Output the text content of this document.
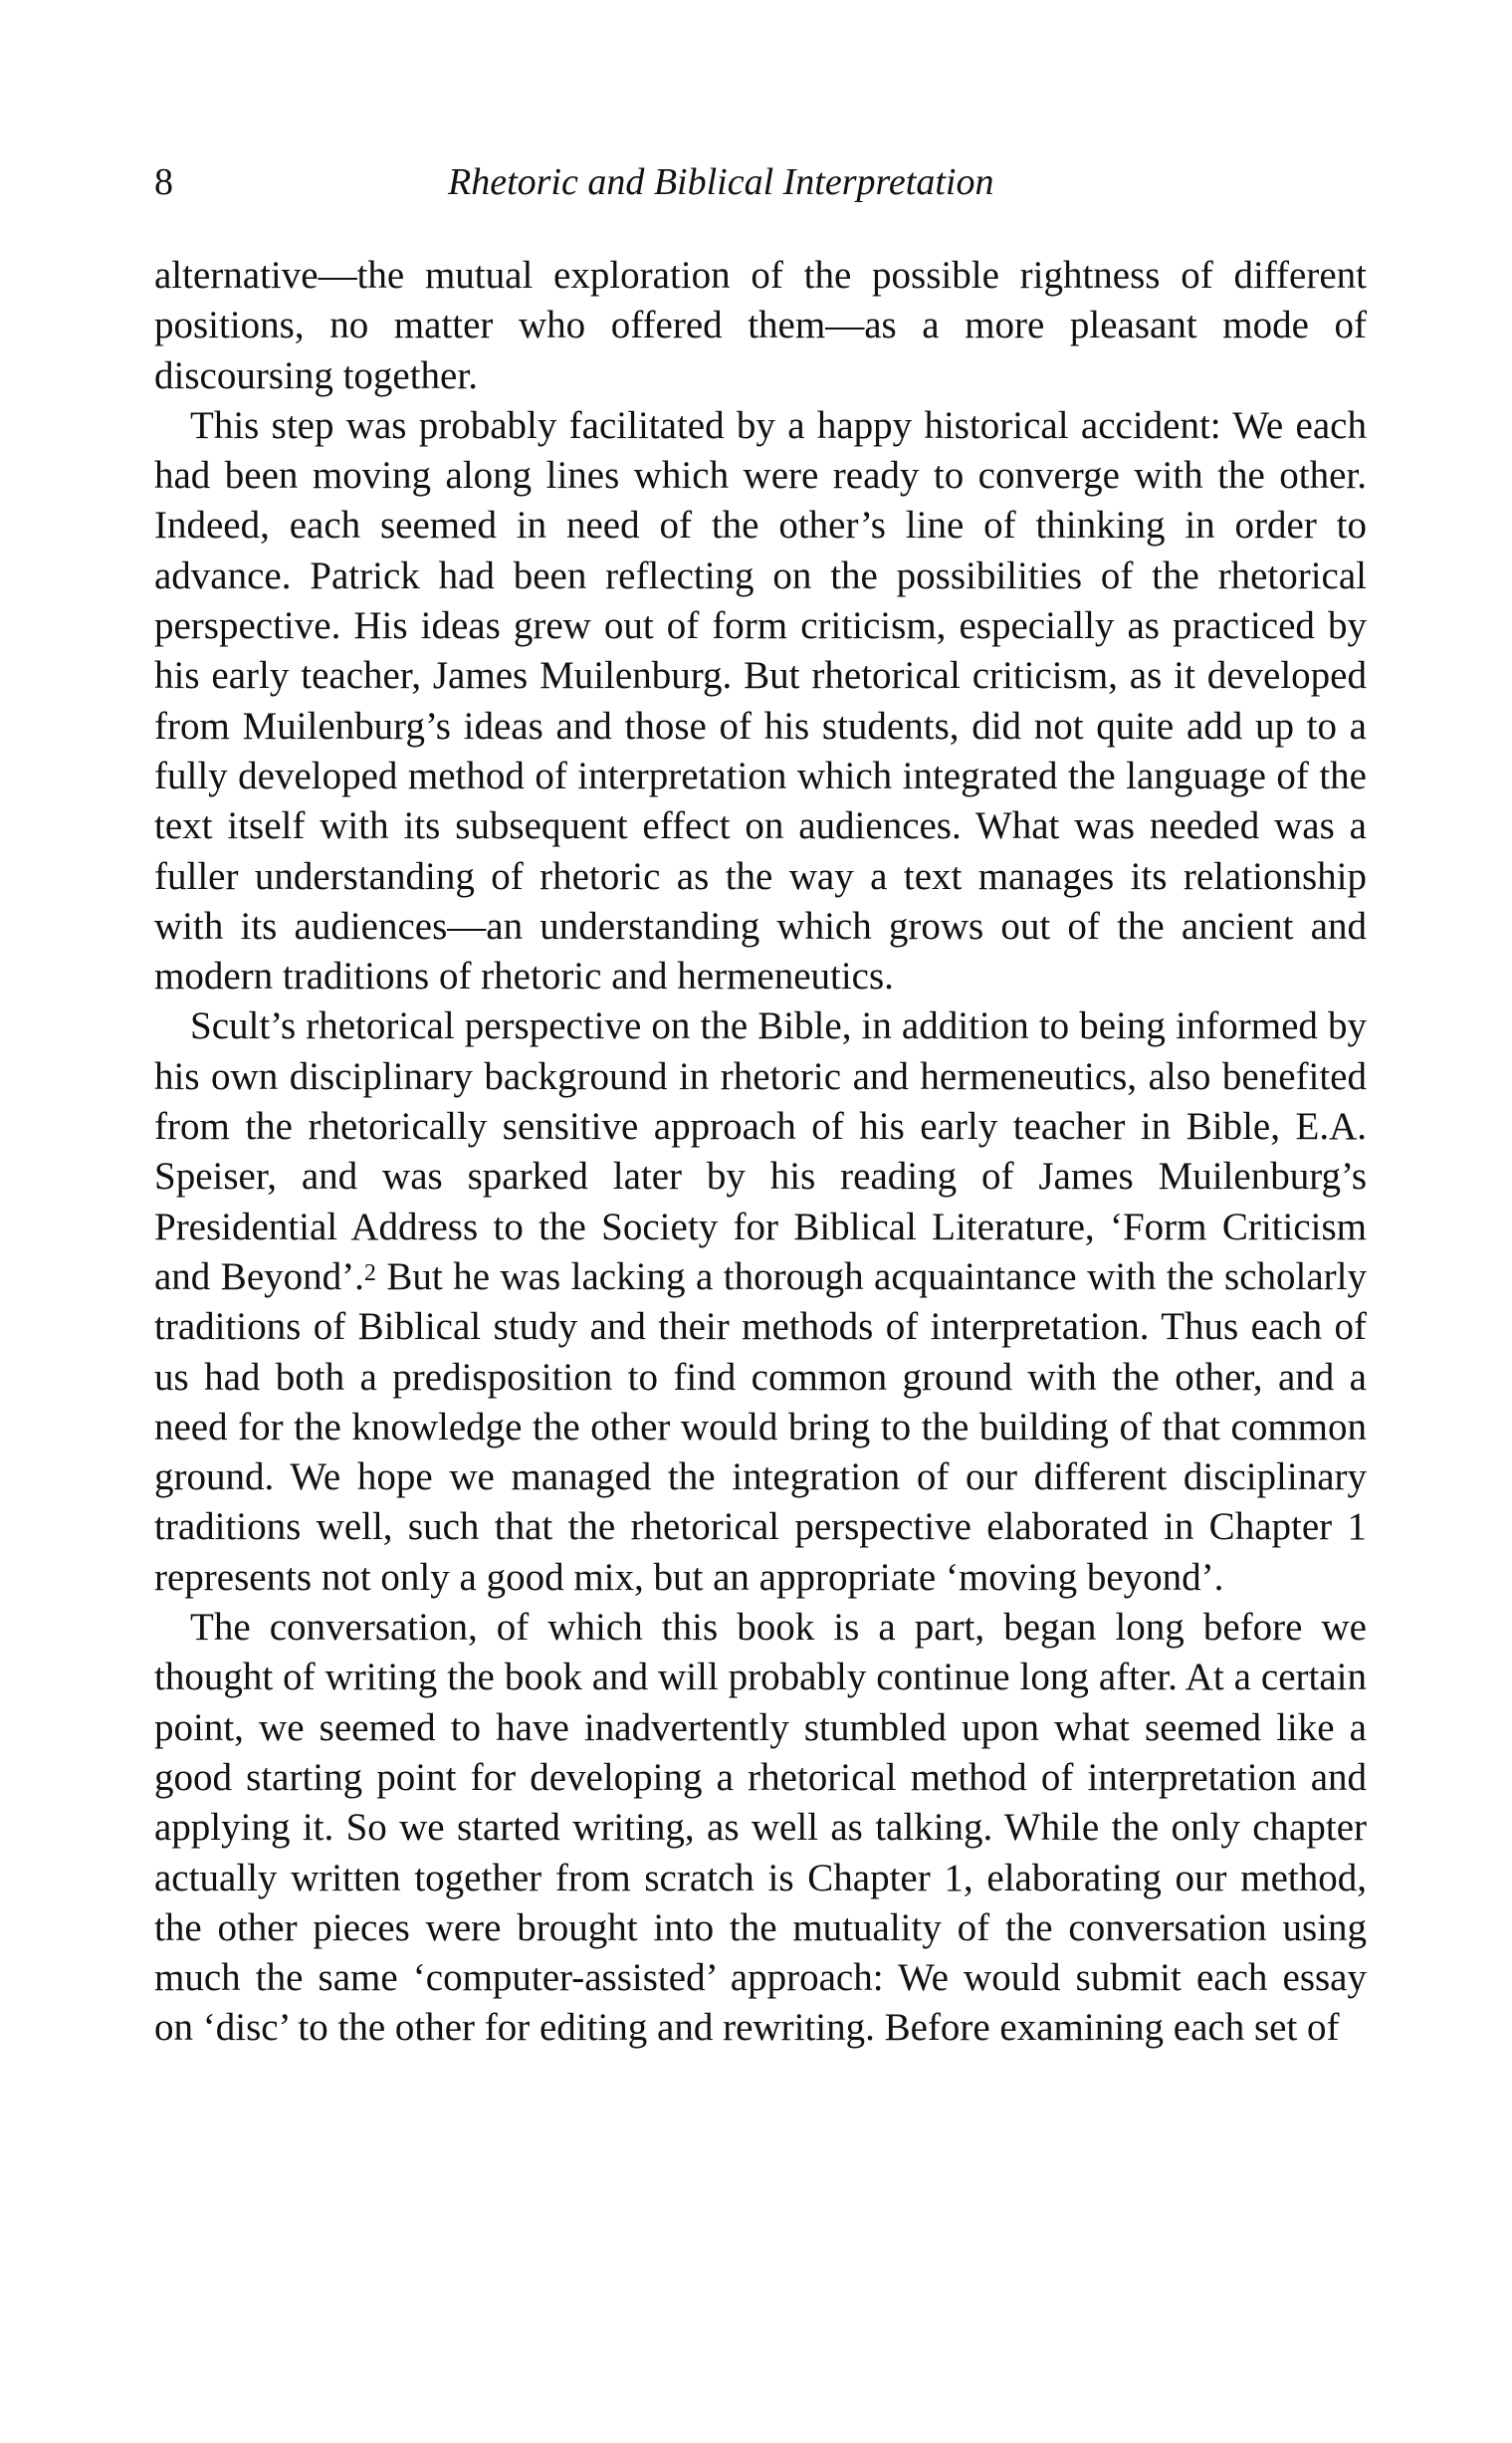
8	Rhetoric and Biblical Interpretation

alternative—the mutual exploration of the possible rightness of different positions, no matter who offered them—as a more pleasant mode of discoursing together.

This step was probably facilitated by a happy historical accident: We each had been moving along lines which were ready to converge with the other. Indeed, each seemed in need of the other’s line of thinking in order to advance. Patrick had been reflecting on the possibilities of the rhetorical perspective. His ideas grew out of form criticism, especially as practiced by his early teacher, James Muilenburg. But rhetorical criticism, as it developed from Muilenburg’s ideas and those of his students, did not quite add up to a fully developed method of interpretation which integrated the language of the text itself with its subsequent effect on audiences. What was needed was a fuller understanding of rhetoric as the way a text manages its relationship with its audiences—an understanding which grows out of the ancient and modern traditions of rhetoric and hermeneutics.

Scult’s rhetorical perspective on the Bible, in addition to being informed by his own disciplinary background in rhetoric and hermeneutics, also benefited from the rhetorically sensitive approach of his early teacher in Bible, E.A. Speiser, and was sparked later by his reading of James Muilenburg’s Presidential Address to the Society for Biblical Literature, ‘Form Criticism and Beyond’.$^2$ But he was lacking a thorough acquaintance with the scholarly traditions of Biblical study and their methods of interpretation. Thus each of us had both a predisposition to find common ground with the other, and a need for the knowledge the other would bring to the building of that common ground. We hope we managed the integration of our different disciplinary traditions well, such that the rhetorical perspective elaborated in Chapter 1 represents not only a good mix, but an appropriate ‘moving beyond’.

The conversation, of which this book is a part, began long before we thought of writing the book and will probably continue long after. At a certain point, we seemed to have inadvertently stumbled upon what seemed like a good starting point for developing a rhetorical method of interpretation and applying it. So we started writing, as well as talking. While the only chapter actually written together from scratch is Chapter 1, elaborating our method, the other pieces were brought into the mutuality of the conversation using much the same ‘computer-assisted’ approach: We would submit each essay on ‘disc’ to the other for editing and rewriting. Before examining each set of
